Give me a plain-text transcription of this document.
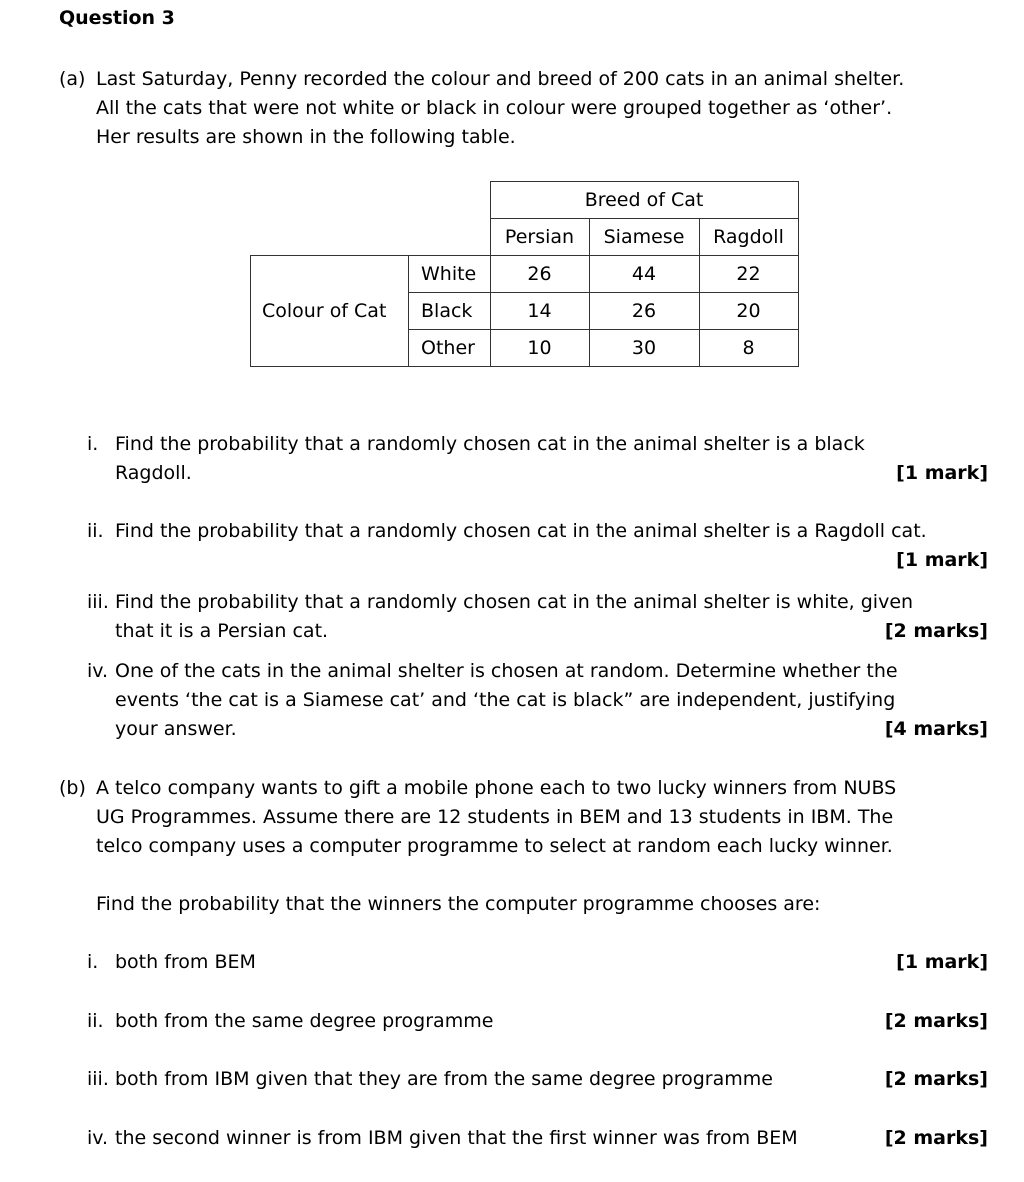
Question 3
(a) Last Saturday, Penny recorded the colour and breed of 200 cats in an animal shelter.
All the cats that were not white or black in colour were grouped together as ‘other’.
Her results are shown in the following table.
		Breed of Cat		
		Persian	Siamese	Ragdoll
Colour of Cat	White	26	44	22
	Black	14	26	20
	Other	10	30	8
i. Find the probability that a randomly chosen cat in the animal shelter is a black
Ragdoll.	[1 mark]
ii. Find the probability that a randomly chosen cat in the animal shelter is a Ragdoll cat.
[1 mark]
iii. Find the probability that a randomly chosen cat in the animal shelter is white, given
that it is a Persian cat.	[2 marks]
iv. One of the cats in the animal shelter is chosen at random. Determine whether the
events ‘the cat is a Siamese cat’ and ‘the cat is black” are independent, justifying
your answer.	[4 marks]
(b) A telco company wants to gift a mobile phone each to two lucky winners from NUBS
UG Programmes. Assume there are 12 students in BEM and 13 students in IBM. The
telco company uses a computer programme to select at random each lucky winner.
Find the probability that the winners the computer programme chooses are:
i. both from BEM	[1 mark]
ii. both from the same degree programme	[2 marks]
iii. both from IBM given that they are from the same degree programme	[2 marks]
iv. the second winner is from IBM given that the first winner was from BEM	[2 marks]
